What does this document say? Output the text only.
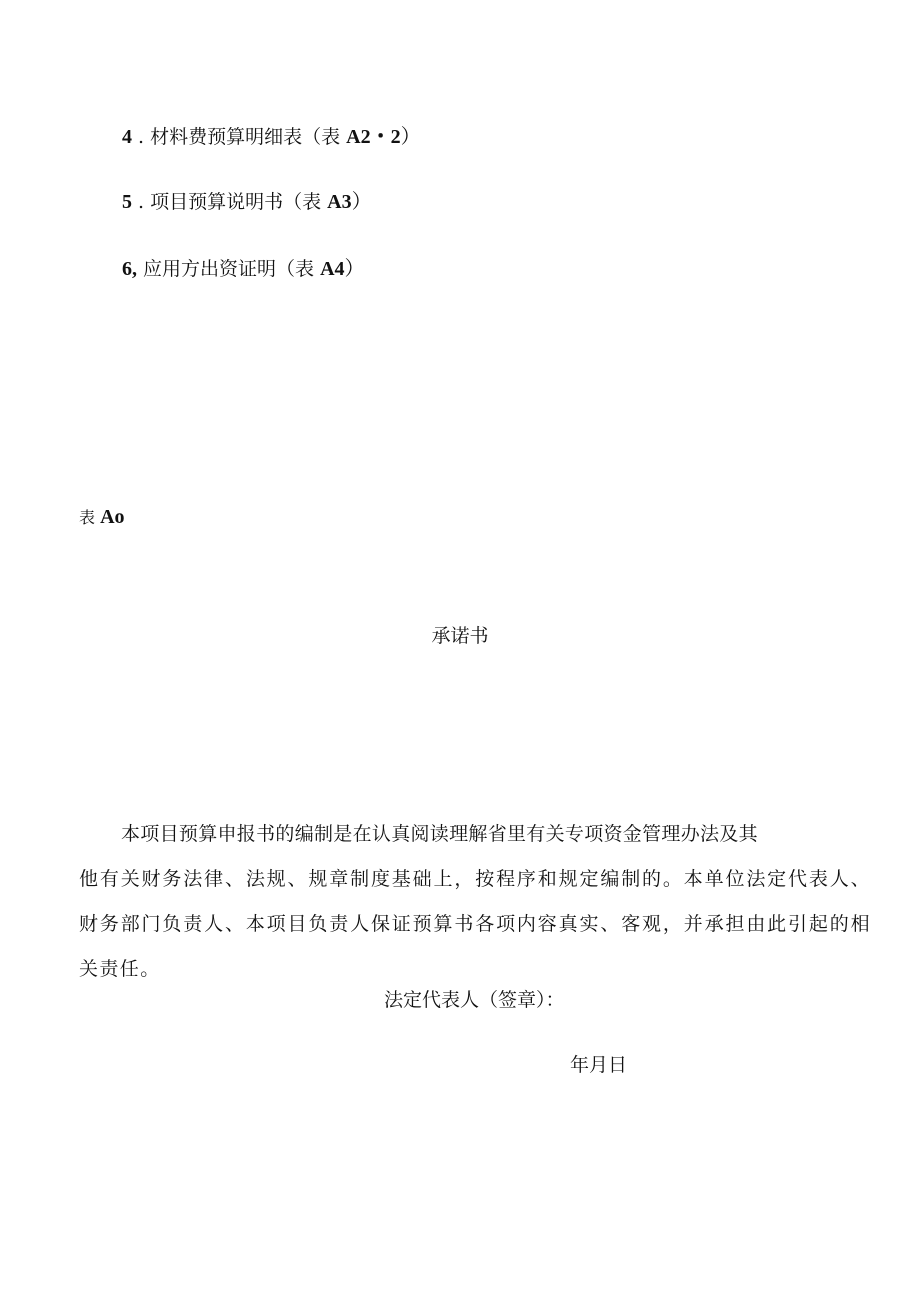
4 . 材料费预算明细表（表 A2・2）
5 . 项目预算说明书（表 A3）
6, 应用方出资证明（表 A4）
表 Ao
承诺书

本项目预算申报书的编制是在认真阅读理解省里有关专项资金管理办法及其
他有关财务法律、法规、规章制度基础上，按程序和规定编制的。本单位法定代表人、财务部门负责人、本项目负责人保证预算书各项内容真实、客观，并承担由此引起的相关责任。

法定代表人（签章）：
年月日
